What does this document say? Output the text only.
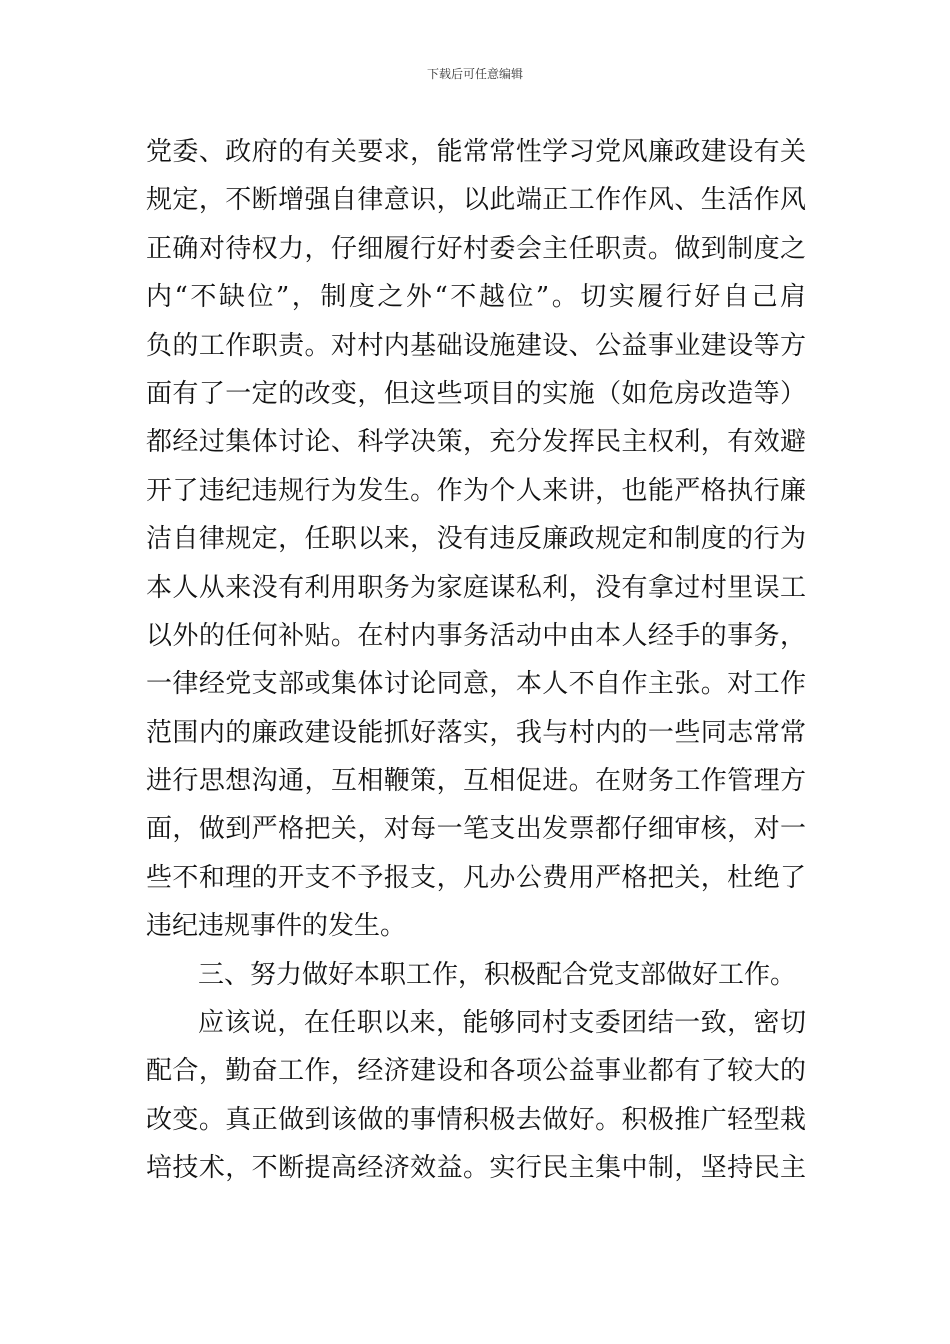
下载后可任意编辑
党委、政府的有关要求，能常常性学习党风廉政建设有关
规定，不断增强自律意识，以此端正工作作风、生活作风
正确对待权力，仔细履行好村委会主任职责。做到制度之
内“不缺位”，制度之外“不越位”。切实履行好自己肩
负的工作职责。对村内基础设施建设、公益事业建设等方
面有了一定的改变，但这些项目的实施（如危房改造等）
都经过集体讨论、科学决策，充分发挥民主权利，有效避
开了违纪违规行为发生。作为个人来讲，也能严格执行廉
洁自律规定，任职以来，没有违反廉政规定和制度的行为
本人从来没有利用职务为家庭谋私利，没有拿过村里误工
以外的任何补贴。在村内事务活动中由本人经手的事务，
一律经党支部或集体讨论同意，本人不自作主张。对工作
范围内的廉政建设能抓好落实，我与村内的一些同志常常
进行思想沟通，互相鞭策，互相促进。在财务工作管理方
面，做到严格把关，对每一笔支出发票都仔细审核，对一
些不和理的开支不予报支，凡办公费用严格把关，杜绝了
违纪违规事件的发生。
三、努力做好本职工作，积极配合党支部做好工作。
应该说，在任职以来，能够同村支委团结一致，密切
配合，勤奋工作，经济建设和各项公益事业都有了较大的
改变。真正做到该做的事情积极去做好。积极推广轻型栽
培技术，不断提高经济效益。实行民主集中制，坚持民主
